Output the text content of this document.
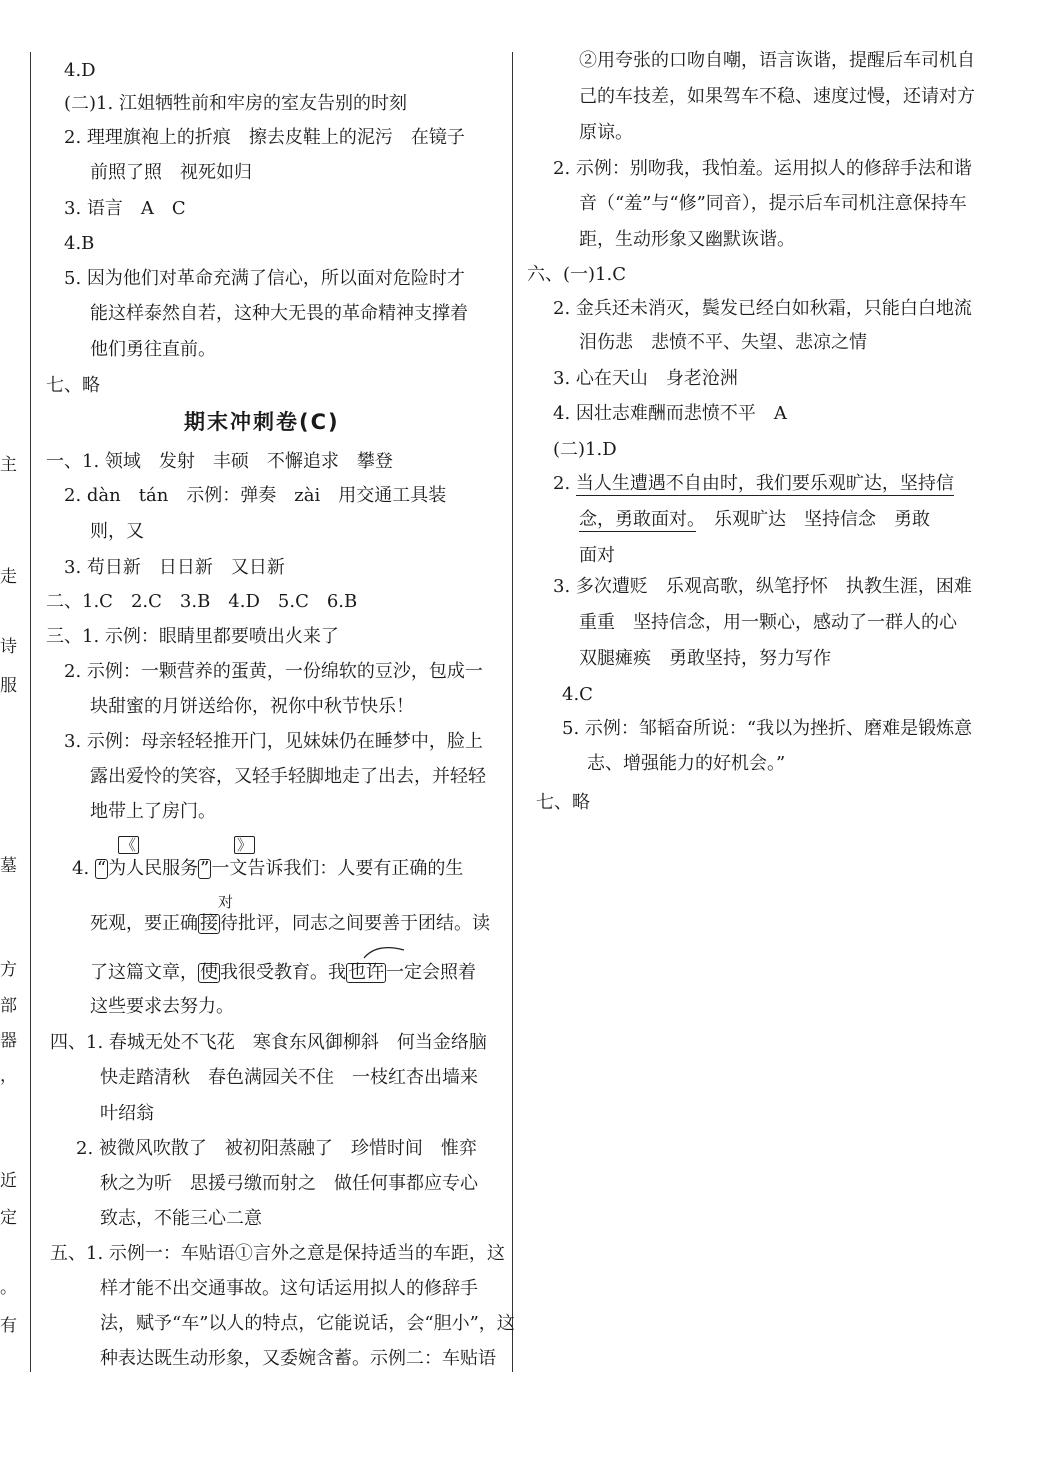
主
走
诗
服
墓
方
部
器
，
近
定
。
有
4.D
(二)1. 江姐牺牲前和牢房的室友告别的时刻
2. 理理旗袍上的折痕　擦去皮鞋上的泥污　在镜子
前照了照　视死如归
3. 语言　A　C
4.B
5. 因为他们对革命充满了信心，所以面对危险时才
能这样泰然自若，这种大无畏的革命精神支撑着
他们勇往直前。
七、略
期末冲刺卷(C)
一、1. 领域　发射　丰硕　不懈追求　攀登
2. dàn　tán　示例：弹奏　zài　用交通工具装
则，又
3. 苟日新　日日新　又日新
二、1.C　2.C　3.B　4.D　5.C　6.B
三、1. 示例：眼睛里都要喷出火来了
2. 示例：一颗营养的蛋黄，一份绵软的豆沙，包成一
块甜蜜的月饼送给你，祝你中秋节快乐！
3. 示例：母亲轻轻推开门，见妹妹仍在睡梦中，脸上
露出爱怜的笑容，又轻手轻脚地走了出去，并轻轻
地带上了房门。
《	》
4. “ 为人民服务 ” 一文告诉我们：人要有正确的生
对
死观，要正确 接 待批评，同志之间要善于团结。读
了这篇文章， 使 我很受教育。我 也许 一定会照着
这些要求去努力。
四、1. 春城无处不飞花　寒食东风御柳斜　何当金络脑
快走踏清秋　春色满园关不住　一枝红杏出墙来
叶绍翁
2. 被微风吹散了　被初阳蒸融了　珍惜时间　惟弈
秋之为听　思援弓缴而射之　做任何事都应专心
致志，不能三心二意
五、1. 示例一：车贴语①言外之意是保持适当的车距，这
样才能不出交通事故。这句话运用拟人的修辞手
法，赋予“车”以人的特点，它能说话，会“胆小”，这
种表达既生动形象，又委婉含蓄。示例二：车贴语
②用夸张的口吻自嘲，语言诙谐，提醒后车司机自
己的车技差，如果驾车不稳、速度过慢，还请对方
原谅。
2. 示例：别吻我，我怕羞。运用拟人的修辞手法和谐
音（“羞”与“修”同音），提示后车司机注意保持车
距，生动形象又幽默诙谐。
六、(一)1.C
2. 金兵还未消灭，鬓发已经白如秋霜，只能白白地流
泪伤悲　悲愤不平、失望、悲凉之情
3. 心在天山　身老沧洲
4. 因壮志难酬而悲愤不平　A
(二)1.D
2. 当人生遭遇不自由时，我们要乐观旷达，坚持信
念，勇敢面对。　乐观旷达　坚持信念　勇敢
面对
3. 多次遭贬　乐观高歌，纵笔抒怀　执教生涯，困难
重重　坚持信念，用一颗心，感动了一群人的心
双腿瘫痪　勇敢坚持，努力写作
4.C
5. 示例：邹韬奋所说：“我以为挫折、磨难是锻炼意
志、增强能力的好机会。”
七、略
